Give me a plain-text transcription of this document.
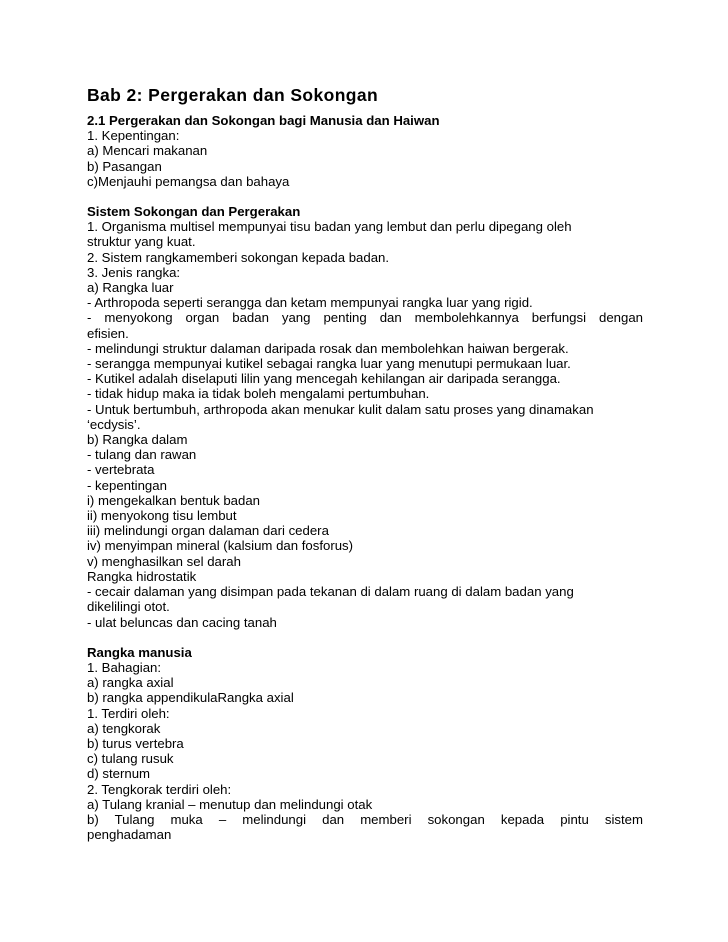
Bab 2: Pergerakan dan Sokongan
2.1 Pergerakan dan Sokongan bagi Manusia dan Haiwan
1. Kepentingan:
a) Mencari makanan
b) Pasangan
c)Menjauhi pemangsa dan bahaya
Sistem Sokongan dan Pergerakan
1. Organisma multisel mempunyai tisu badan yang lembut dan perlu dipegang oleh
struktur yang kuat.
2. Sistem rangkamemberi sokongan kepada badan.
3. Jenis rangka:
a) Rangka luar
- Arthropoda seperti serangga dan ketam mempunyai rangka luar yang rigid.
- menyokong organ badan yang penting dan membolehkannya berfungsi dengan
efisien.
- melindungi struktur dalaman daripada rosak dan membolehkan haiwan bergerak.
- serangga mempunyai kutikel sebagai rangka luar yang menutupi permukaan luar.
- Kutikel adalah diselaputi lilin yang mencegah kehilangan air daripada serangga.
- tidak hidup maka ia tidak boleh mengalami pertumbuhan.
- Untuk bertumbuh, arthropoda akan menukar kulit dalam satu proses yang dinamakan
‘ecdysis’.
b) Rangka dalam
- tulang dan rawan
- vertebrata
- kepentingan
i) mengekalkan bentuk badan
ii) menyokong tisu lembut
iii) melindungi organ dalaman dari cedera
iv) menyimpan mineral (kalsium dan fosforus)
v) menghasilkan sel darah
Rangka hidrostatik
- cecair dalaman yang disimpan pada tekanan di dalam ruang di dalam badan yang
dikelilingi otot.
- ulat beluncas dan cacing tanah
Rangka manusia
1. Bahagian:
a) rangka axial
b) rangka appendikulaRangka axial
1. Terdiri oleh:
a) tengkorak
b) turus vertebra
c) tulang rusuk
d) sternum
2. Tengkorak terdiri oleh:
a) Tulang kranial – menutup dan melindungi otak
b) Tulang muka – melindungi dan memberi sokongan kepada pintu sistem
penghadaman
